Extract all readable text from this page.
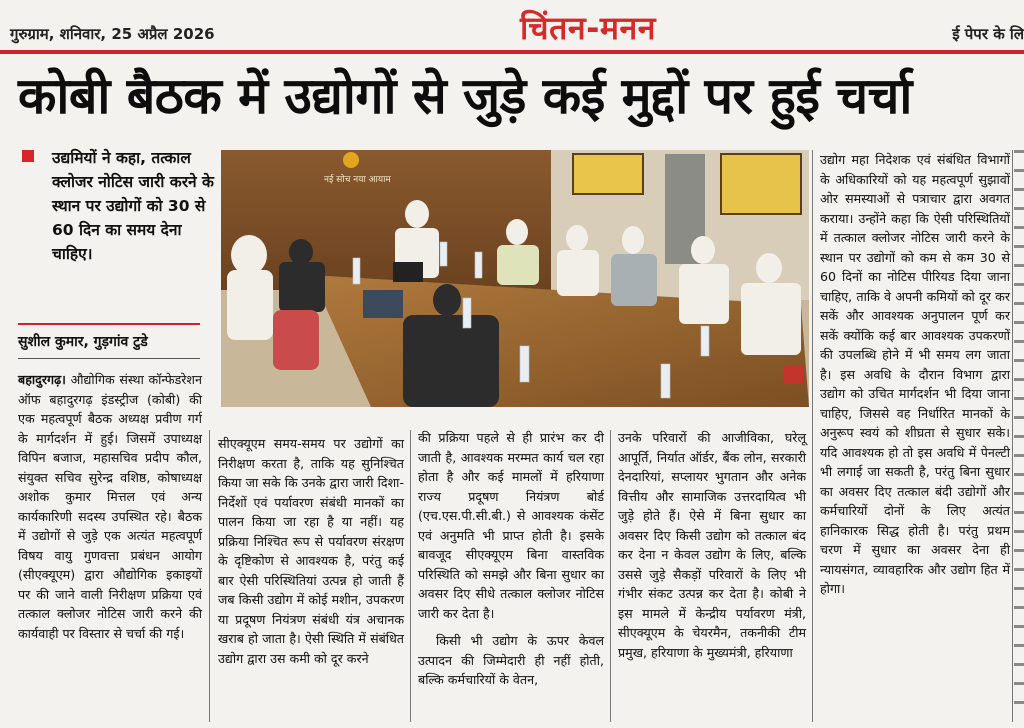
गुरुग्राम, शनिवार, 25 अप्रैल 2026	चिंतन-मनन	ई पेपर के लि
कोबी बैठक में उद्योगों से जुड़े कई मुद्दों पर हुई चर्चा
उद्यमियों ने कहा, तत्काल क्लोजर नोटिस जारी करने के स्थान पर उद्योगों को 30 से 60 दिन का समय देना चाहिए।
सुशील कुमार, गुड़गांव टुडे
नई सोच नया आयाम
बहादुरगढ़। औद्योगिक संस्था कॉन्फेडरेशन ऑफ बहादुरगढ़ इंडस्ट्रीज (कोबी) की एक महत्वपूर्ण बैठक अध्यक्ष प्रवीण गर्ग के मार्गदर्शन में हुई। जिसमें उपाध्यक्ष विपिन बजाज, महासचिव प्रदीप कौल, संयुक्त सचिव सुरेन्द्र वशिष्ठ, कोषाध्यक्ष अशोक कुमार मित्तल एवं अन्य कार्यकारिणी सदस्य उपस्थित रहे। बैठक में उद्योगों से जुड़े एक अत्यंत महत्वपूर्ण विषय वायु गुणवत्ता प्रबंधन आयोग (सीएक्यूएम) द्वारा औद्योगिक इकाइयों पर की जाने वाली निरीक्षण प्रक्रिया एवं तत्काल क्लोजर नोटिस जारी करने की कार्यवाही पर विस्तार से चर्चा की गई।
सीएक्यूएम समय-समय पर उद्योगों का निरीक्षण करता है, ताकि यह सुनिश्चित किया जा सके कि उनके द्वारा जारी दिशा-निर्देशों एवं पर्यावरण संबंधी मानकों का पालन किया जा रहा है या नहीं। यह प्रक्रिया निश्चित रूप से पर्यावरण संरक्षण के दृष्टिकोण से आवश्यक है, परंतु कई बार ऐसी परिस्थितियां उत्पन्न हो जाती हैं जब किसी उद्योग में कोई मशीन, उपकरण या प्रदूषण नियंत्रण संबंधी यंत्र अचानक खराब हो जाता है। ऐसी स्थिति में संबंधित उद्योग द्वारा उस कमी को दूर करने
की प्रक्रिया पहले से ही प्रारंभ कर दी जाती है, आवश्यक मरम्मत कार्य चल रहा होता है और कई मामलों में हरियाणा राज्य प्रदूषण नियंत्रण बोर्ड (एच.एस.पी.सी.बी.) से आवश्यक कंसेंट एवं अनुमति भी प्राप्त होती है। इसके बावजूद सीएक्यूएम बिना वास्तविक परिस्थिति को समझे और बिना सुधार का अवसर दिए सीधे तत्काल क्लोजर नोटिस जारी कर देता है।
किसी भी उद्योग के ऊपर केवल उत्पादन की जिम्मेदारी ही नहीं होती, बल्कि कर्मचारियों के वेतन,
उनके परिवारों की आजीविका, घरेलू आपूर्ति, निर्यात ऑर्डर, बैंक लोन, सरकारी देनदारियां, सप्लायर भुगतान और अनेक वित्तीय और सामाजिक उत्तरदायित्व भी जुड़े होते हैं। ऐसे में बिना सुधार का अवसर दिए किसी उद्योग को तत्काल बंद कर देना न केवल उद्योग के लिए, बल्कि उससे जुड़े सैकड़ों परिवारों के लिए भी गंभीर संकट उत्पन्न कर देता है। कोबी ने इस मामले में केन्द्रीय पर्यावरण मंत्री, सीएक्यूएम के चेयरमैन, तकनीकी टीम प्रमुख, हरियाणा के मुख्यमंत्री, हरियाणा
उद्योग महा निदेशक एवं संबंधित विभागों के अधिकारियों को यह महत्वपूर्ण सुझावों ओर समस्याओं से पत्राचार द्वारा अवगत कराया। उन्होंने कहा कि ऐसी परिस्थितियों में तत्काल क्लोजर नोटिस जारी करने के स्थान पर उद्योगों को कम से कम 30 से 60 दिनों का नोटिस पीरियड दिया जाना चाहिए, ताकि वे अपनी कमियों को दूर कर सकें और आवश्यक अनुपालन पूर्ण कर सकें क्योंकि कई बार आवश्यक उपकरणों की उपलब्धि होने में भी समय लग जाता है। इस अवधि के दौरान विभाग द्वारा उद्योग को उचित मार्गदर्शन भी दिया जाना चाहिए, जिससे वह निर्धारित मानकों के अनुरूप स्वयं को शीघ्रता से सुधार सके। यदि आवश्यक हो तो इस अवधि में पेनल्टी भी लगाई जा सकती है, परंतु बिना सुधार का अवसर दिए तत्काल बंदी उद्योगों और कर्मचारियों दोनों के लिए अत्यंत हानिकारक सिद्ध होती है। परंतु प्रथम चरण में सुधार का अवसर देना ही न्यायसंगत, व्यावहारिक और उद्योग हित में होगा।
